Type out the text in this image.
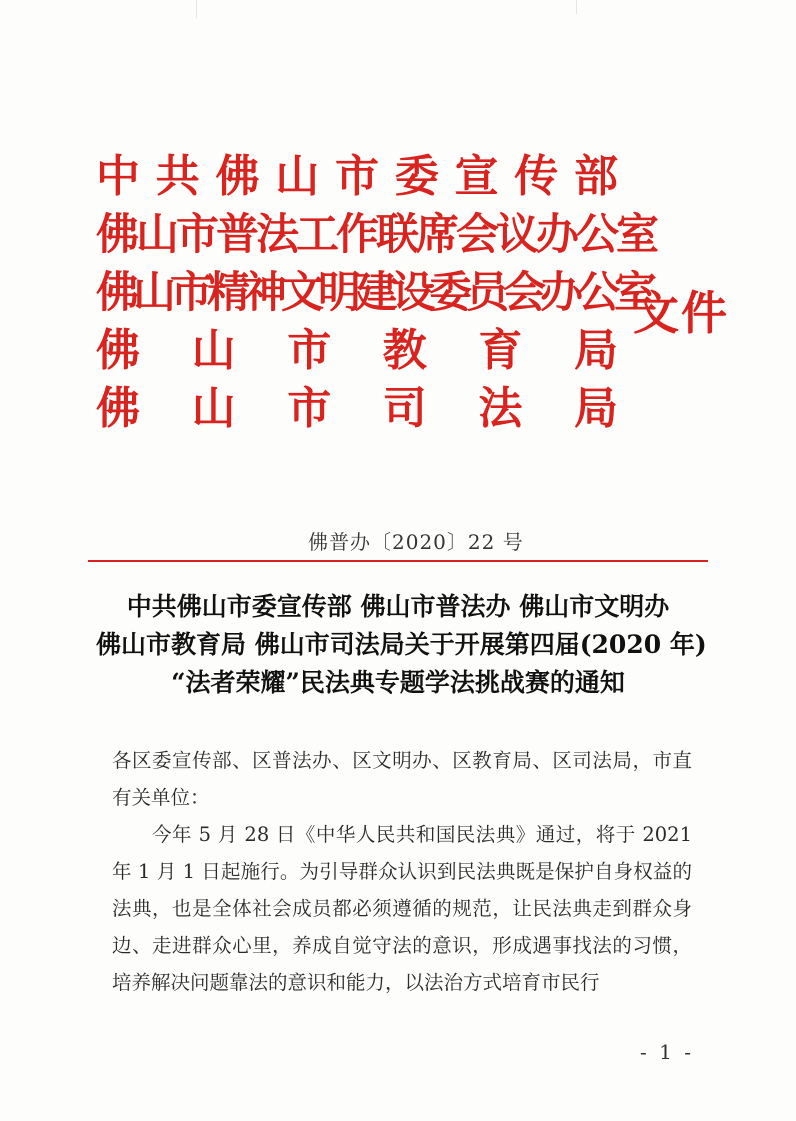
中 共 佛 山 市 委 宣 传 部
佛山市普法工作联席会议办公室
佛山市精神文明建设委员会办公室
佛 山 市 教 育 局
佛 山 市 司 法 局
文件
佛普办〔2020〕22 号
中共佛山市委宣传部 佛山市普法办 佛山市文明办
佛山市教育局 佛山市司法局关于开展第四届(2020 年)
“法者荣耀”民法典专题学法挑战赛的通知

各区委宣传部、区普法办、区文明办、区教育局、区司法局，市直有关单位：

今年 5 月 28 日《中华人民共和国民法典》通过，将于 2021 年 1 月 1 日起施行。为引导群众认识到民法典既是保护自身权益的法典，也是全体社会成员都必须遵循的规范，让民法典走到群众身边、走进群众心里，养成自觉守法的意识，形成遇事找法的习惯，培养解决问题靠法的意识和能力，以法治方式培育市民行

- 1 -
